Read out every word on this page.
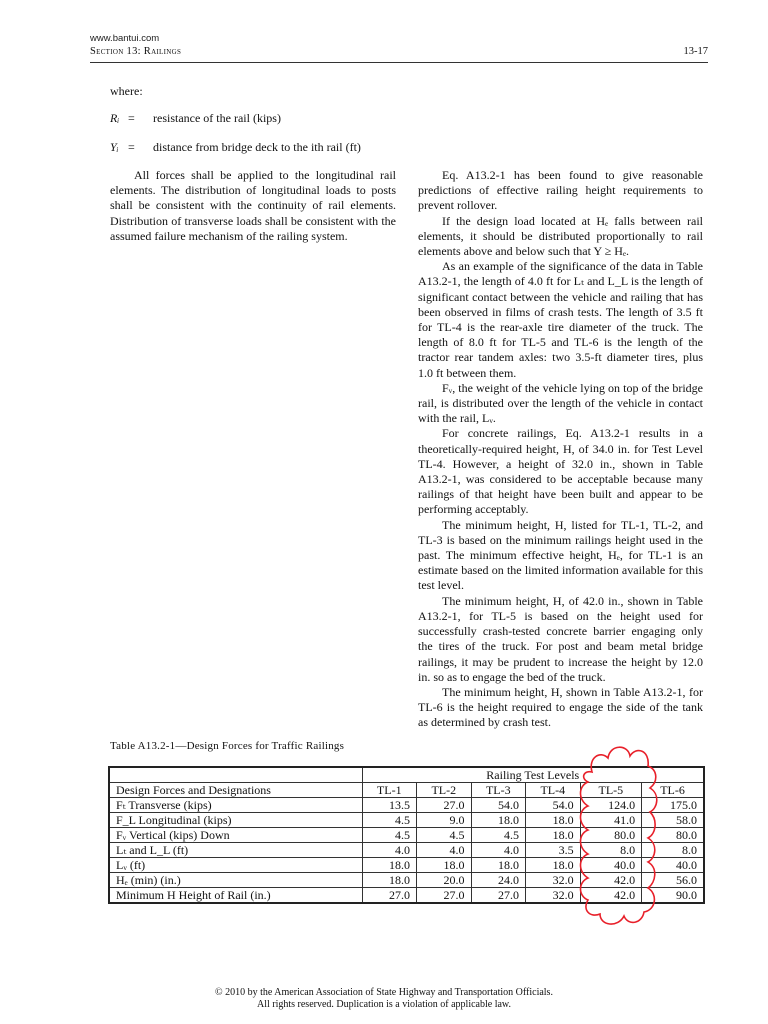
www.bantui.com
Section 13: Railings	13-17
where:
Rᵢ = resistance of the rail (kips)
Yᵢ = distance from bridge deck to the ith rail (ft)

All forces shall be applied to the longitudinal rail elements. The distribution of longitudinal loads to posts shall be consistent with the continuity of rail elements. Distribution of transverse loads shall be consistent with the assumed failure mechanism of the railing system.

Eq. A13.2-1 has been found to give reasonable predictions of effective railing height requirements to prevent rollover.

If the design load located at Hₑ falls between rail elements, it should be distributed proportionally to rail elements above and below such that Y ≥ Hₑ.

As an example of the significance of the data in Table A13.2-1, the length of 4.0 ft for Lₜ and L_L is the length of significant contact between the vehicle and railing that has been observed in films of crash tests. The length of 3.5 ft for TL-4 is the rear-axle tire diameter of the truck. The length of 8.0 ft for TL-5 and TL-6 is the length of the tractor rear tandem axles: two 3.5-ft diameter tires, plus 1.0 ft between them.

Fᵥ, the weight of the vehicle lying on top of the bridge rail, is distributed over the length of the vehicle in contact with the rail, Lᵥ.

For concrete railings, Eq. A13.2-1 results in a theoretically-required height, H, of 34.0 in. for Test Level TL-4. However, a height of 32.0 in., shown in Table A13.2-1, was considered to be acceptable because many railings of that height have been built and appear to be performing acceptably.

The minimum height, H, listed for TL-1, TL-2, and TL-3 is based on the minimum railings height used in the past. The minimum effective height, Hₑ, for TL-1 is an estimate based on the limited information available for this test level.

The minimum height, H, of 42.0 in., shown in Table A13.2-1, for TL-5 is based on the height used for successfully crash-tested concrete barrier engaging only the tires of the truck. For post and beam metal bridge railings, it may be prudent to increase the height by 12.0 in. so as to engage the bed of the truck.

The minimum height, H, shown in Table A13.2-1, for TL-6 is the height required to engage the side of the tank as determined by crash test.

Table A13.2-1—Design Forces for Traffic Railings
	Railing Test Levels					
Design Forces and Designations	TL-1	TL-2	TL-3	TL-4	TL-5	TL-6
Fₜ Transverse (kips)	13.5	27.0	54.0	54.0	124.0	175.0
F_L Longitudinal (kips)	4.5	9.0	18.0	18.0	41.0	58.0
Fᵥ Vertical (kips) Down	4.5	4.5	4.5	18.0	80.0	80.0
Lₜ and L_L (ft)	4.0	4.0	4.0	3.5	8.0	8.0
Lᵥ (ft)	18.0	18.0	18.0	18.0	40.0	40.0
Hₑ (min) (in.)	18.0	20.0	24.0	32.0	42.0	56.0
Minimum H Height of Rail (in.)	27.0	27.0	27.0	32.0	42.0	90.0
© 2010 by the American Association of State Highway and Transportation Officials.
All rights reserved. Duplication is a violation of applicable law.
